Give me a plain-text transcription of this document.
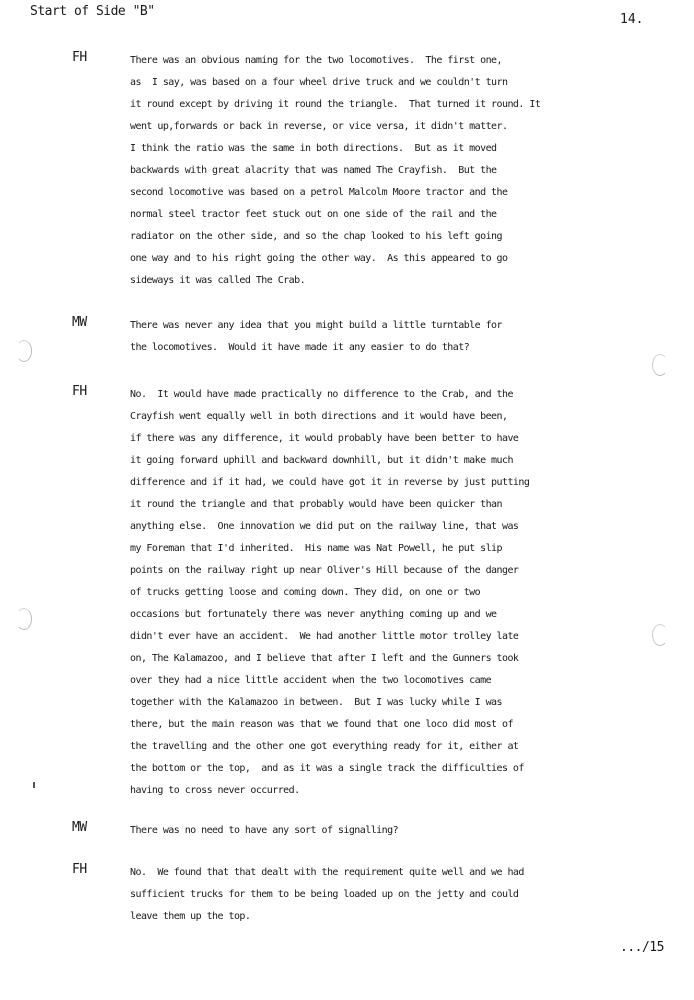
Start of Side "B"
14.
FH	There was an obvious naming for the two locomotives.  The first one,
as  I say, was based on a four wheel drive truck and we couldn't turn
it round except by driving it round the triangle.  That turned it round. It
went up,forwards or back in reverse, or vice versa, it didn't matter.
I think the ratio was the same in both directions.  But as it moved
backwards with great alacrity that was named The Crayfish.  But the
second locomotive was based on a petrol Malcolm Moore tractor and the
normal steel tractor feet stuck out on one side of the rail and the
radiator on the other side, and so the chap looked to his left going
one way and to his right going the other way.  As this appeared to go
sideways it was called The Crab.
MW	There was never any idea that you might build a little turntable for
the locomotives.  Would it have made it any easier to do that?
FH	No.  It would have made practically no difference to the Crab, and the
Crayfish went equally well in both directions and it would have been,
if there was any difference, it would probably have been better to have
it going forward uphill and backward downhill, but it didn't make much
difference and if it had, we could have got it in reverse by just putting
it round the triangle and that probably would have been quicker than
anything else.  One innovation we did put on the railway line, that was
my Foreman that I'd inherited.  His name was Nat Powell, he put slip
points on the railway right up near Oliver's Hill because of the danger
of trucks getting loose and coming down. They did, on one or two
occasions but fortunately there was never anything coming up and we
didn't ever have an accident.  We had another little motor trolley late
on, The Kalamazoo, and I believe that after I left and the Gunners took
over they had a nice little accident when the two locomotives came
together with the Kalamazoo in between.  But I was lucky while I was
there, but the main reason was that we found that one loco did most of
the travelling and the other one got everything ready for it, either at
the bottom or the top,  and as it was a single track the difficulties of
having to cross never occurred.
MW	There was no need to have any sort of signalling?
FH	No.  We found that that dealt with the requirement quite well and we had
sufficient trucks for them to be being loaded up on the jetty and could
leave them up the top.
.../15
